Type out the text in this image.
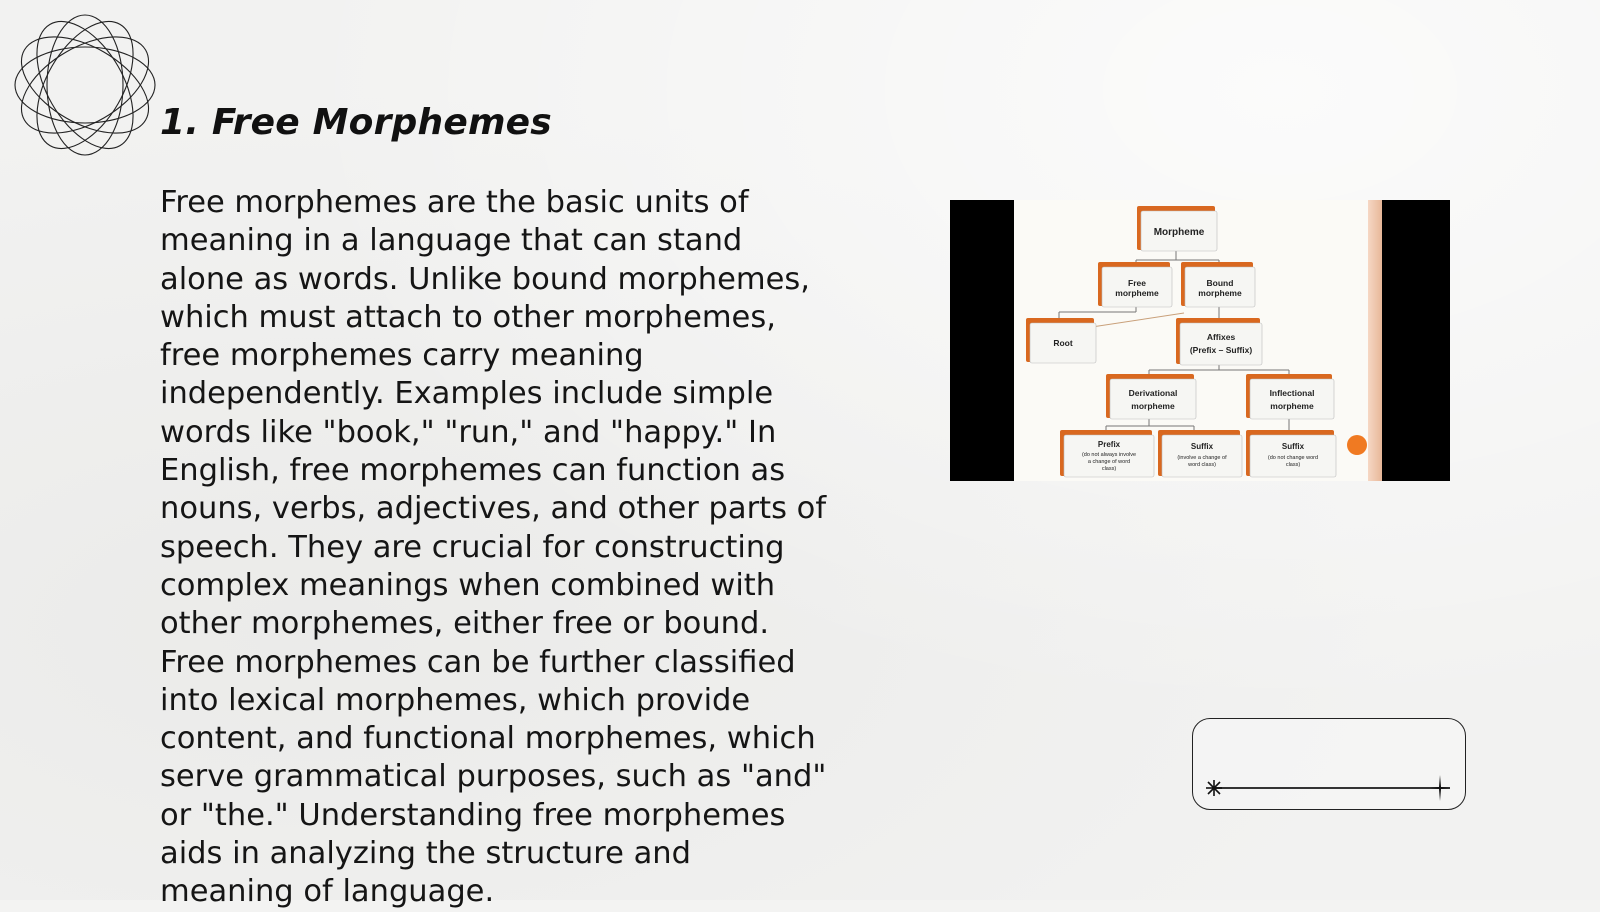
1. Free Morphemes

Free morphemes are the basic units of meaning in a language that can stand alone as words. Unlike bound morphemes, which must attach to other morphemes, free morphemes carry meaning independently. Examples include simple words like "book," "run," and "happy." In English, free morphemes can function as nouns, verbs, adjectives, and other parts of speech. They are crucial for constructing complex meanings when combined with other morphemes, either free or bound. Free morphemes can be further classified into lexical morphemes, which provide content, and functional morphemes, which serve grammatical purposes, such as "and" or "the." Understanding free morphemes aids in analyzing the structure and meaning of language.

Morpheme
Free
morpheme
Bound
morpheme
Root
Affixes
(Prefix – Suffix)
Derivational
morpheme
Inflectional
morpheme
Prefix
(do not always involve
a change of word
class)
Suffix
(involve a change of
word class)
Suffix
(do not change word
class)
